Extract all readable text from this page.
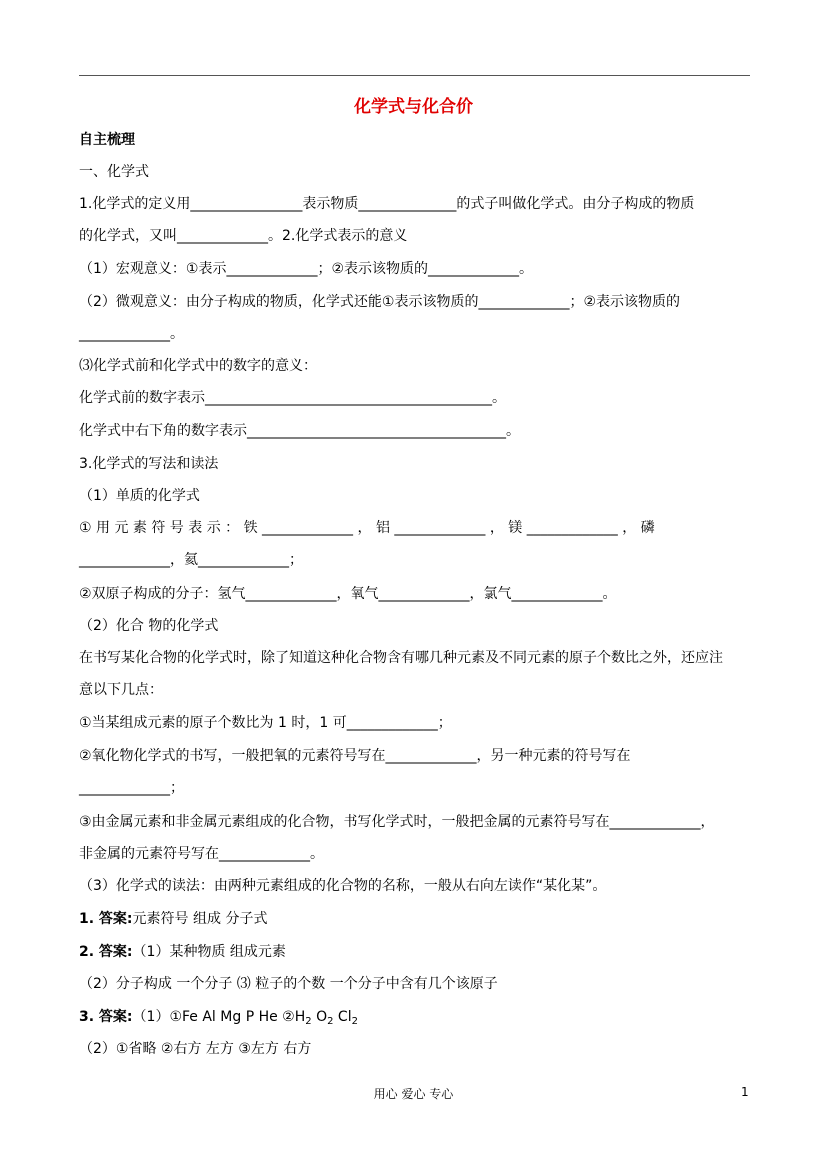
化学式与化合价
自主梳理
一、化学式
1.化学式的定义用________________表示物质______________的式子叫做化学式。由分子构成的物质
的化学式，又叫_____________。2.化学式表示的意义
（1）宏观意义：①表示_____________；②表示该物质的_____________。
（2）微观意义：由分子构成的物质，化学式还能①表示该物质的_____________；②表示该物质的
_____________。
⑶化学式前和化学式中的数字的意义：
化学式前的数字表示_________________________________________。
化学式中右下角的数字表示_____________________________________。
3.化学式的写法和读法
（1）单质的化学式
① 用 元 素 符 号 表 示 ： 铁 _____________ ， 铝 _____________ ， 镁 _____________ ， 磷
_____________，氦_____________；
②双原子构成的分子：氢气_____________，氧气_____________，氯气_____________。
（2）化合 物的化学式
在书写某化合物的化学式时，除了知道这种化合物含有哪几种元素及不同元素的原子个数比之外，还应注
意以下几点：
①当某组成元素的原子个数比为 1 时，1 可_____________；
②氧化物化学式的书写，一般把氧的元素符号写在_____________，另一种元素的符号写在
_____________；
③由金属元素和非金属元素组成的化合物，书写化学式时，一般把金属的元素符号写在_____________，
非金属的元素符号写在_____________。
（3）化学式的读法：由两种元素组成的化合物的名称，一般从右向左读作“某化某”。
1. 答案:元素符号 组成 分子式
2. 答案:（1）某种物质 组成元素
（2）分子构成 一个分子 ⑶ 粒子的个数 一个分子中含有几个该原子
3. 答案:（1）①Fe Al Mg P He $②H_2$ $O_2$ $Cl_2$
（2）①省略 ②右方 左方 ③左方 右方
用心 爱心 专心	1
